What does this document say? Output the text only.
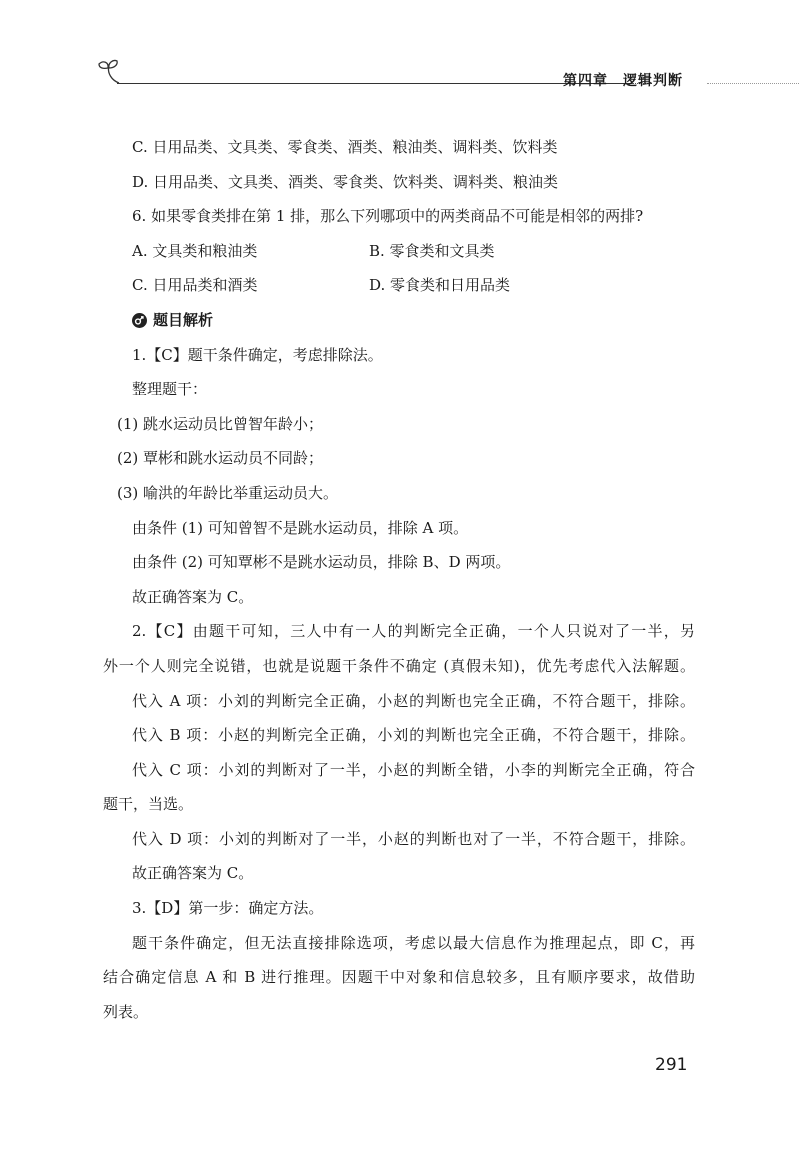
第四章　逻辑判断

C. 日用品类、文具类、零食类、酒类、粮油类、调料类、饮料类

D. 日用品类、文具类、酒类、零食类、饮料类、调料类、粮油类

6. 如果零食类排在第 1 排，那么下列哪项中的两类商品不可能是相邻的两排?

A. 文具类和粮油类	B. 零食类和文具类
C. 日用品类和酒类	D. 零食类和日用品类
题目解析

1.【C】题干条件确定，考虑排除法。

整理题干：

(1) 跳水运动员比曾智年龄小；

(2) 覃彬和跳水运动员不同龄；

(3) 喻洪的年龄比举重运动员大。

由条件 (1) 可知曾智不是跳水运动员，排除 A 项。

由条件 (2) 可知覃彬不是跳水运动员，排除 B、D 两项。

故正确答案为 C。

2.【C】由题干可知，三人中有一人的判断完全正确，一个人只说对了一半，另

外一个人则完全说错，也就是说题干条件不确定 (真假未知)，优先考虑代入法解题。

代入 A 项：小刘的判断完全正确，小赵的判断也完全正确，不符合题干，排除。

代入 B 项：小赵的判断完全正确，小刘的判断也完全正确，不符合题干，排除。

代入 C 项：小刘的判断对了一半，小赵的判断全错，小李的判断完全正确，符合

题干，当选。

代入 D 项：小刘的判断对了一半，小赵的判断也对了一半，不符合题干，排除。

故正确答案为 C。

3.【D】第一步：确定方法。

题干条件确定，但无法直接排除选项，考虑以最大信息作为推理起点，即 C，再

结合确定信息 A 和 B 进行推理。因题干中对象和信息较多，且有顺序要求，故借助

列表。

291
